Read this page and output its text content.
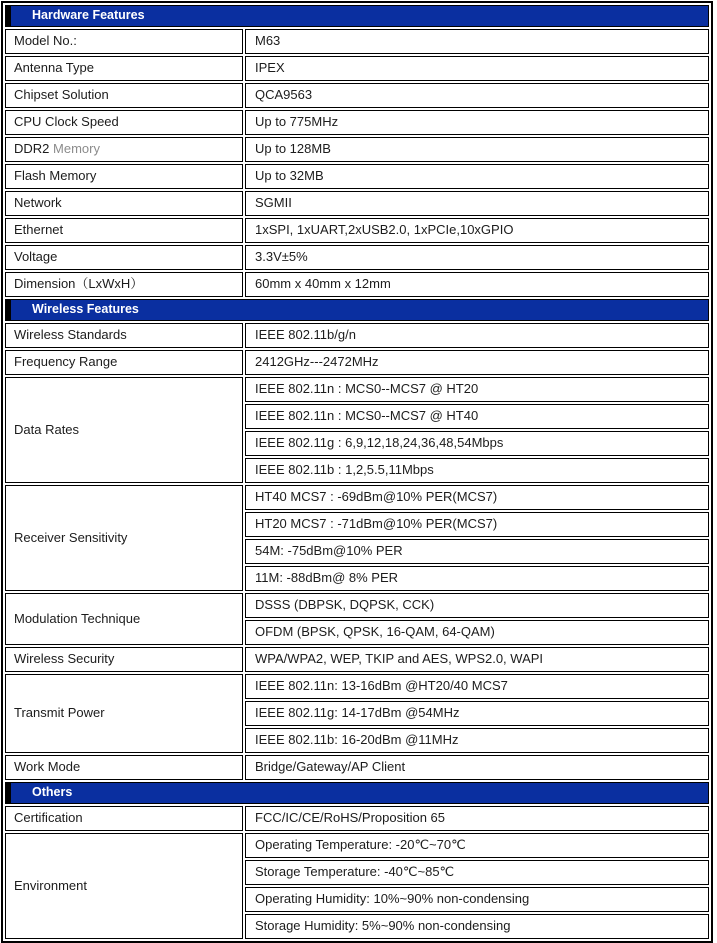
Hardware Features	
Model No.:	M63
Antenna Type	IPEX
Chipset Solution	QCA9563
CPU Clock Speed	Up to 775MHz
DDR2 Memory	Up to 128MB
Flash Memory	Up to 32MB
Network	SGMII
Ethernet	1xSPI, 1xUART,2xUSB2.0, 1xPCIe,10xGPIO
Voltage	3.3V±5%
Dimension（LxWxH）	60mm x 40mm x 12mm
Wireless Features	
Wireless Standards	IEEE 802.11b/g/n
Frequency Range	2412GHz---2472MHz
Data Rates	IEEE 802.11n : MCS0--MCS7 @ HT20
	IEEE 802.11n : MCS0--MCS7 @ HT40
	IEEE 802.11g : 6,9,12,18,24,36,48,54Mbps
	IEEE 802.11b : 1,2,5.5,11Mbps
Receiver Sensitivity	HT40 MCS7 : -69dBm@10% PER(MCS7)
	HT20 MCS7 : -71dBm@10% PER(MCS7)
	54M: -75dBm@10% PER
	11M: -88dBm@ 8% PER
Modulation Technique	DSSS (DBPSK, DQPSK, CCK)
	OFDM (BPSK, QPSK, 16-QAM, 64-QAM)
Wireless Security	WPA/WPA2, WEP, TKIP and AES, WPS2.0, WAPI
Transmit Power	IEEE 802.11n: 13-16dBm @HT20/40 MCS7
	IEEE 802.11g: 14-17dBm @54MHz
	IEEE 802.11b: 16-20dBm @11MHz
Work Mode	Bridge/Gateway/AP Client
Others	
Certification	FCC/IC/CE/RoHS/Proposition 65
Environment	Operating Temperature: -20℃~70℃
	Storage Temperature: -40℃~85℃
	Operating Humidity: 10%~90% non-condensing
	Storage Humidity: 5%~90% non-condensing
